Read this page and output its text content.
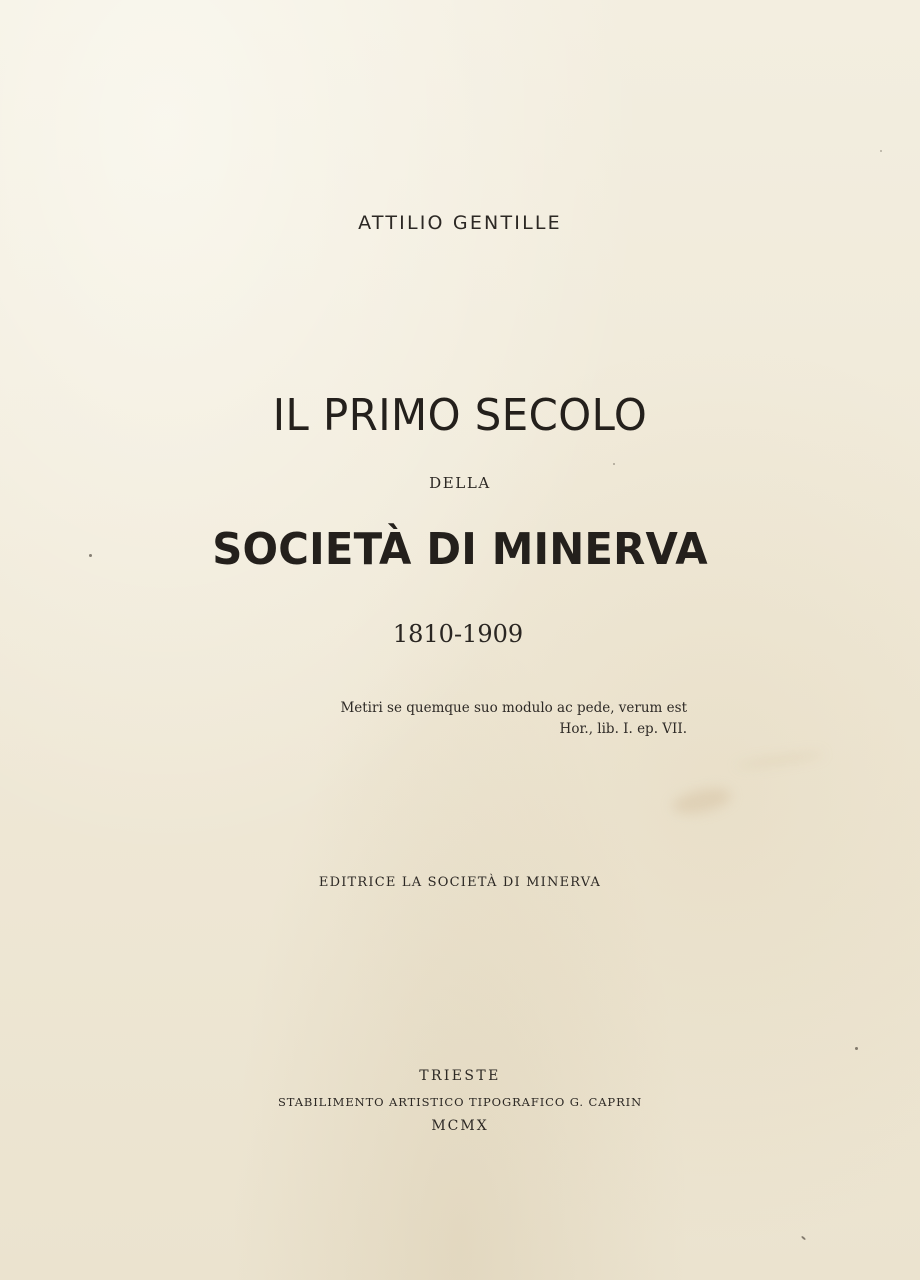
ATTILIO GENTILLE

IL PRIMO SECOLO

DELLA

SOCIETÀ DI MINERVA

1810-1909

Metiri se quemque suo modulo ac pede, verum est
Hor., lib. I. ep. VII.

EDITRICE LA SOCIETÀ DI MINERVA

TRIESTE

STABILIMENTO ARTISTICO TIPOGRAFICO G. CAPRIN

MCMX
